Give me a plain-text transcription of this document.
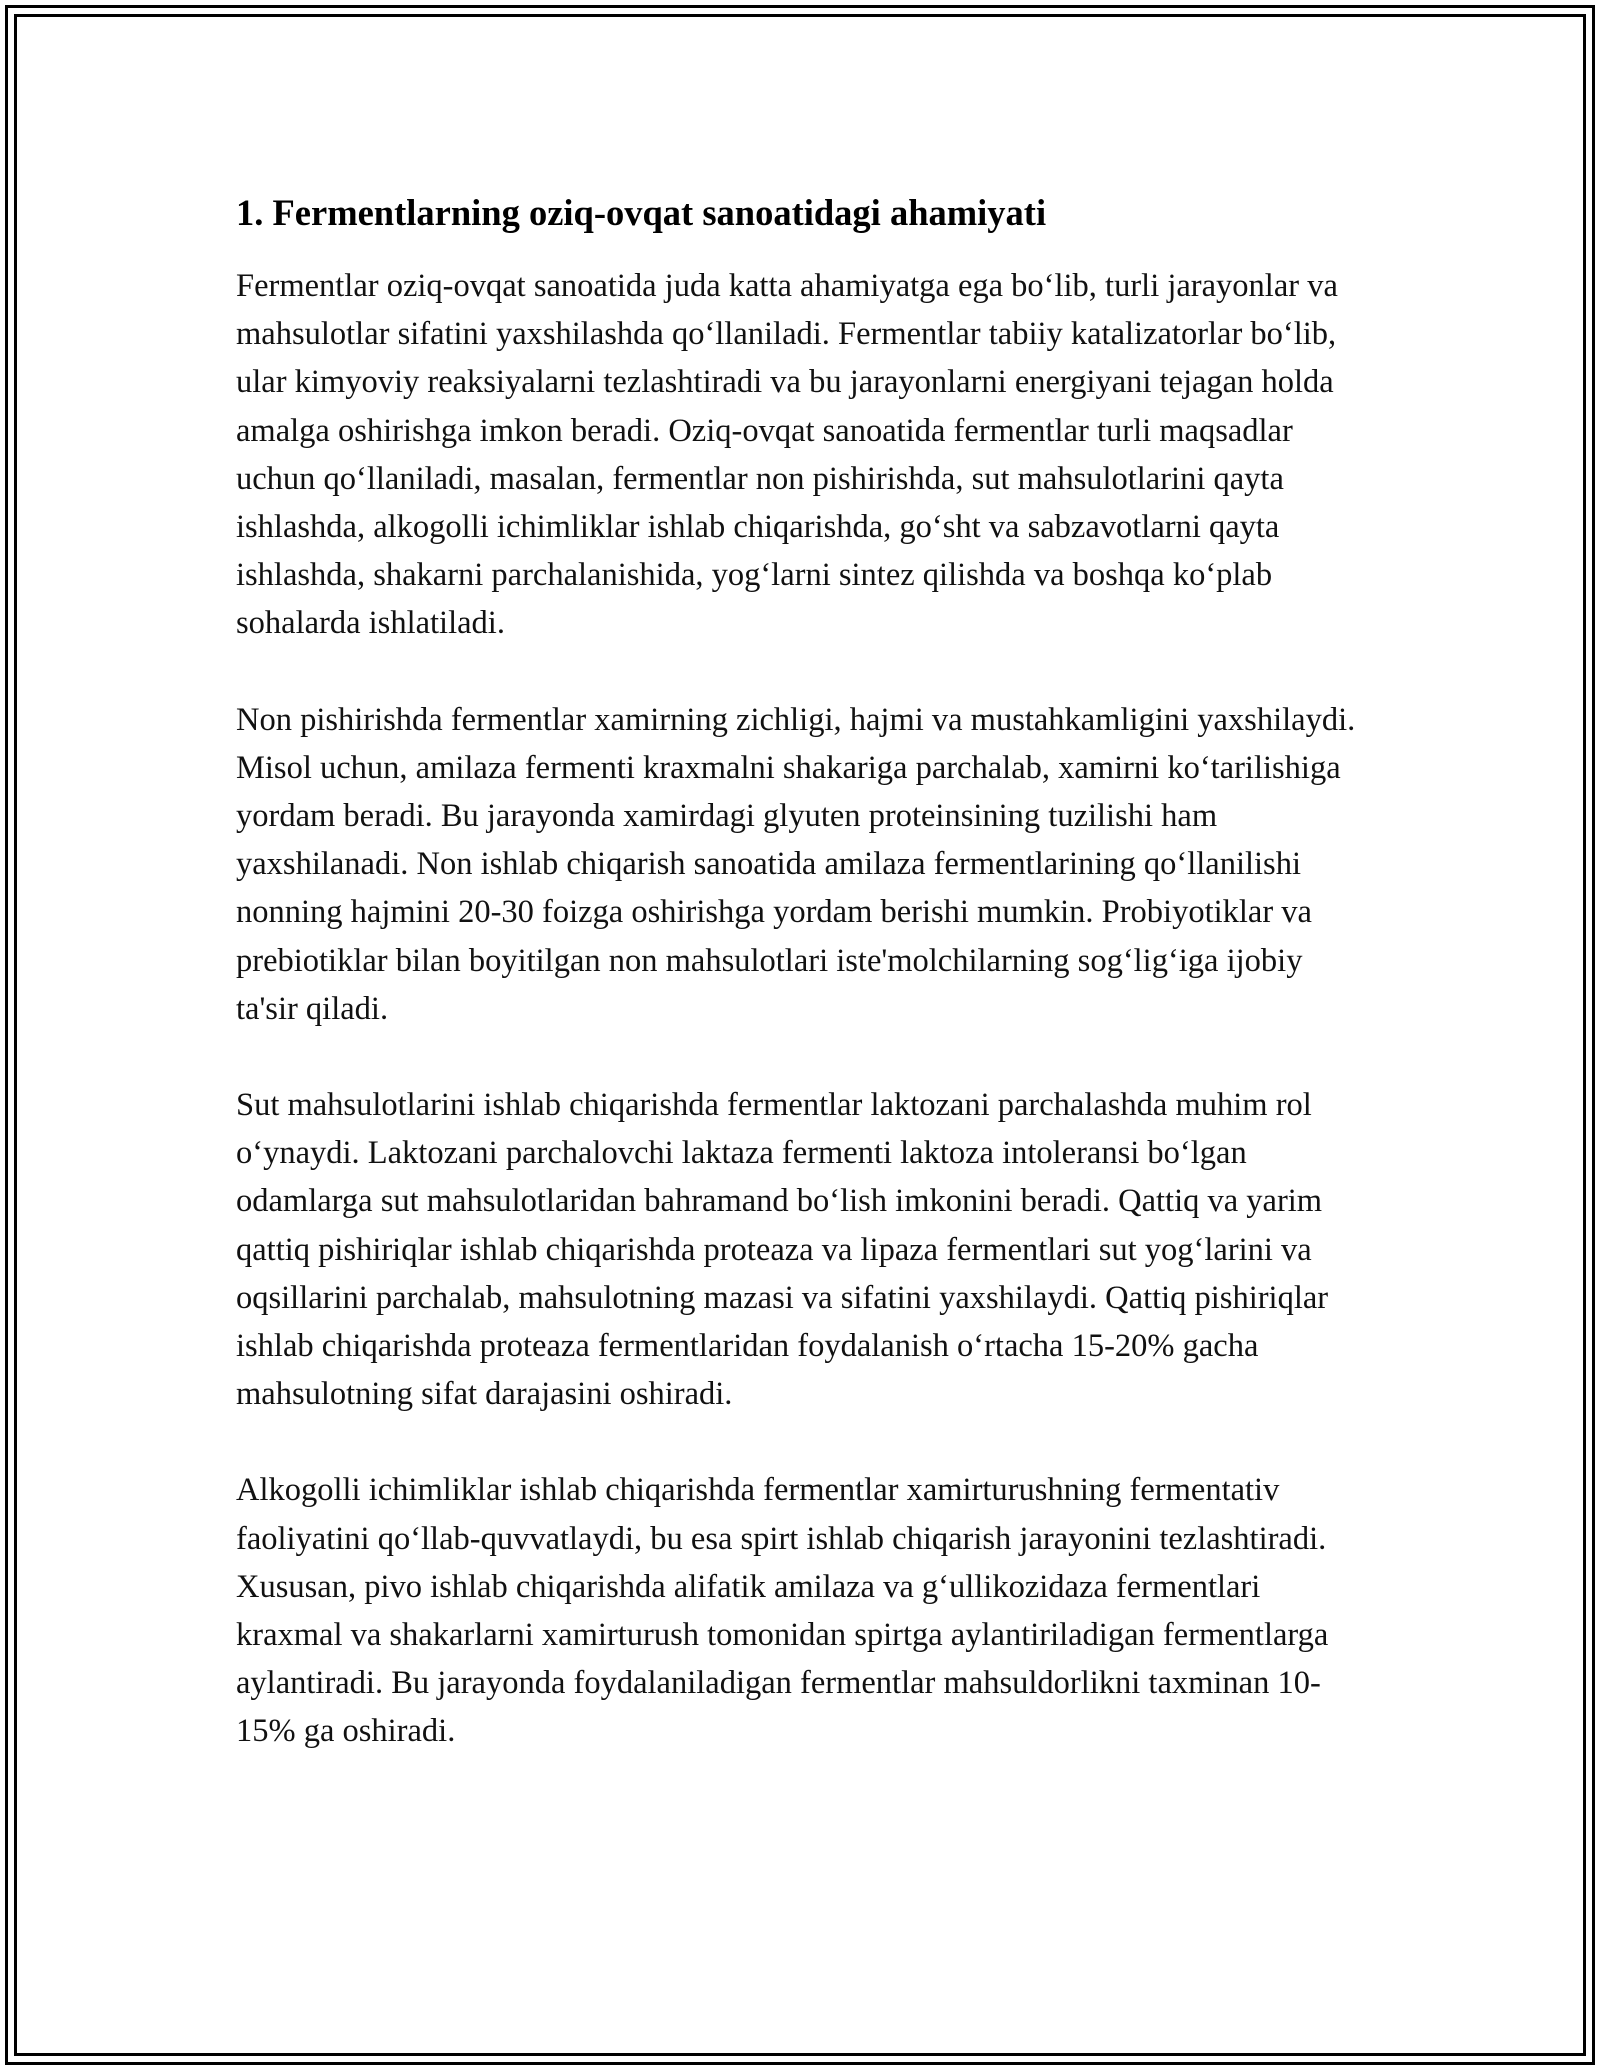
1. Fermentlarning oziq-ovqat sanoatidagi ahamiyati

Fermentlar oziq-ovqat sanoatida juda katta ahamiyatga ega bo‘lib, turli jarayonlar va mahsulotlar sifatini yaxshilashda qo‘llaniladi. Fermentlar tabiiy katalizatorlar bo‘lib, ular kimyoviy reaksiyalarni tezlashtiradi va bu jarayonlarni energiyani tejagan holda amalga oshirishga imkon beradi. Oziq-ovqat sanoatida fermentlar turli maqsadlar uchun qo‘llaniladi, masalan, fermentlar non pishirishda, sut mahsulotlarini qayta ishlashda, alkogolli ichimliklar ishlab chiqarishda, go‘sht va sabzavotlarni qayta ishlashda, shakarni parchalanishida, yog‘larni sintez qilishda va boshqa ko‘plab sohalarda ishlatiladi.

Non pishirishda fermentlar xamirning zichligi, hajmi va mustahkamligini yaxshilaydi. Misol uchun, amilaza fermenti kraxmalni shakariga parchalab, xamirni ko‘tarilishiga yordam beradi. Bu jarayonda xamirdagi glyuten proteinsining tuzilishi ham yaxshilanadi. Non ishlab chiqarish sanoatida amilaza fermentlarining qo‘llanilishi nonning hajmini 20-30 foizga oshirishga yordam berishi mumkin. Probiyotiklar va prebiotiklar bilan boyitilgan non mahsulotlari iste'molchilarning sog‘lig‘iga ijobiy ta'sir qiladi.

Sut mahsulotlarini ishlab chiqarishda fermentlar laktozani parchalashda muhim rol o‘ynaydi. Laktozani parchalovchi laktaza fermenti laktoza intoleransi bo‘lgan odamlarga sut mahsulotlaridan bahramand bo‘lish imkonini beradi. Qattiq va yarim qattiq pishiriqlar ishlab chiqarishda proteaza va lipaza fermentlari sut yog‘larini va oqsillarini parchalab, mahsulotning mazasi va sifatini yaxshilaydi. Qattiq pishiriqlar ishlab chiqarishda proteaza fermentlaridan foydalanish o‘rtacha 15-20% gacha mahsulotning sifat darajasini oshiradi.

Alkogolli ichimliklar ishlab chiqarishda fermentlar xamirturushning fermentativ faoliyatini qo‘llab-quvvatlaydi, bu esa spirt ishlab chiqarish jarayonini tezlashtiradi. Xususan, pivo ishlab chiqarishda alifatik amilaza va g‘ullikozidaza fermentlari kraxmal va shakarlarni xamirturush tomonidan spirtga aylantiriladigan fermentlarga aylantiradi. Bu jarayonda foydalaniladigan fermentlar mahsuldorlikni taxminan 10-15% ga oshiradi.
